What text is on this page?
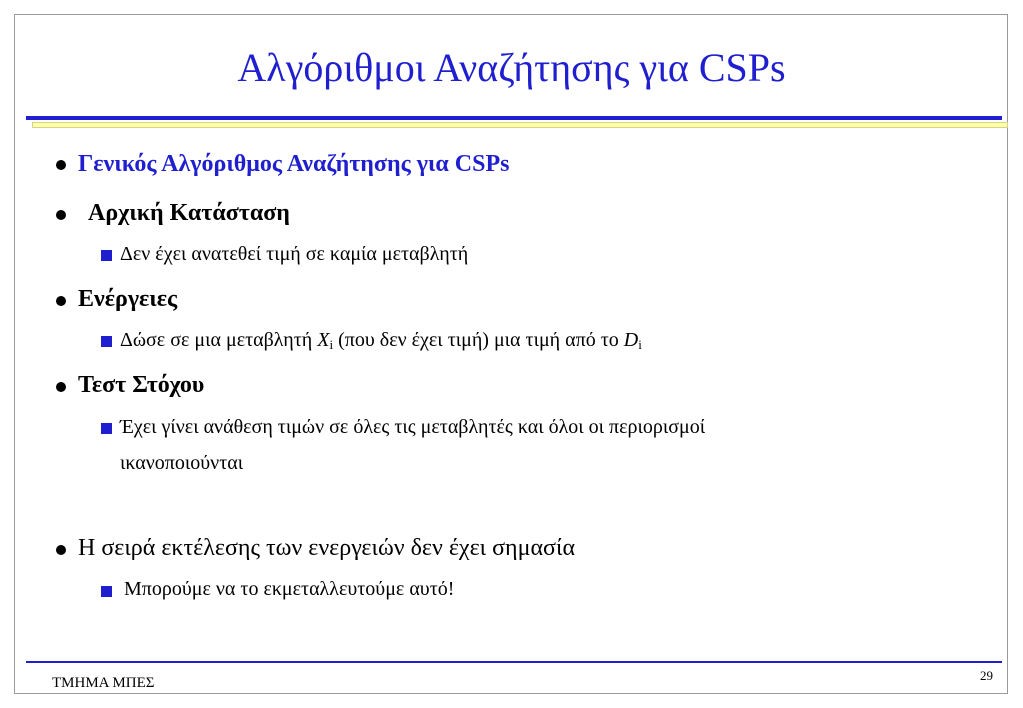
Αλγόριθμοι Αναζήτησης για CSPs
Γενικός Αλγόριθμος Αναζήτησης για CSPs
Αρχική Κατάσταση
Δεν έχει ανατεθεί τιμή σε καμία μεταβλητή
Ενέργειες
Δώσε σε μια μεταβλητή $X_i$ (που δεν έχει τιμή) μια τιμή από το $D_i$
Τεστ Στόχου
Έχει γίνει ανάθεση τιμών σε όλες τις μεταβλητές και όλοι οι περιορισμοί
ικανοποιούνται
Η σειρά εκτέλεσης των ενεργειών δεν έχει σημασία
Μπορούμε να το εκμεταλλευτούμε αυτό!
ΤΜΗΜΑ ΜΠΕΣ	29
